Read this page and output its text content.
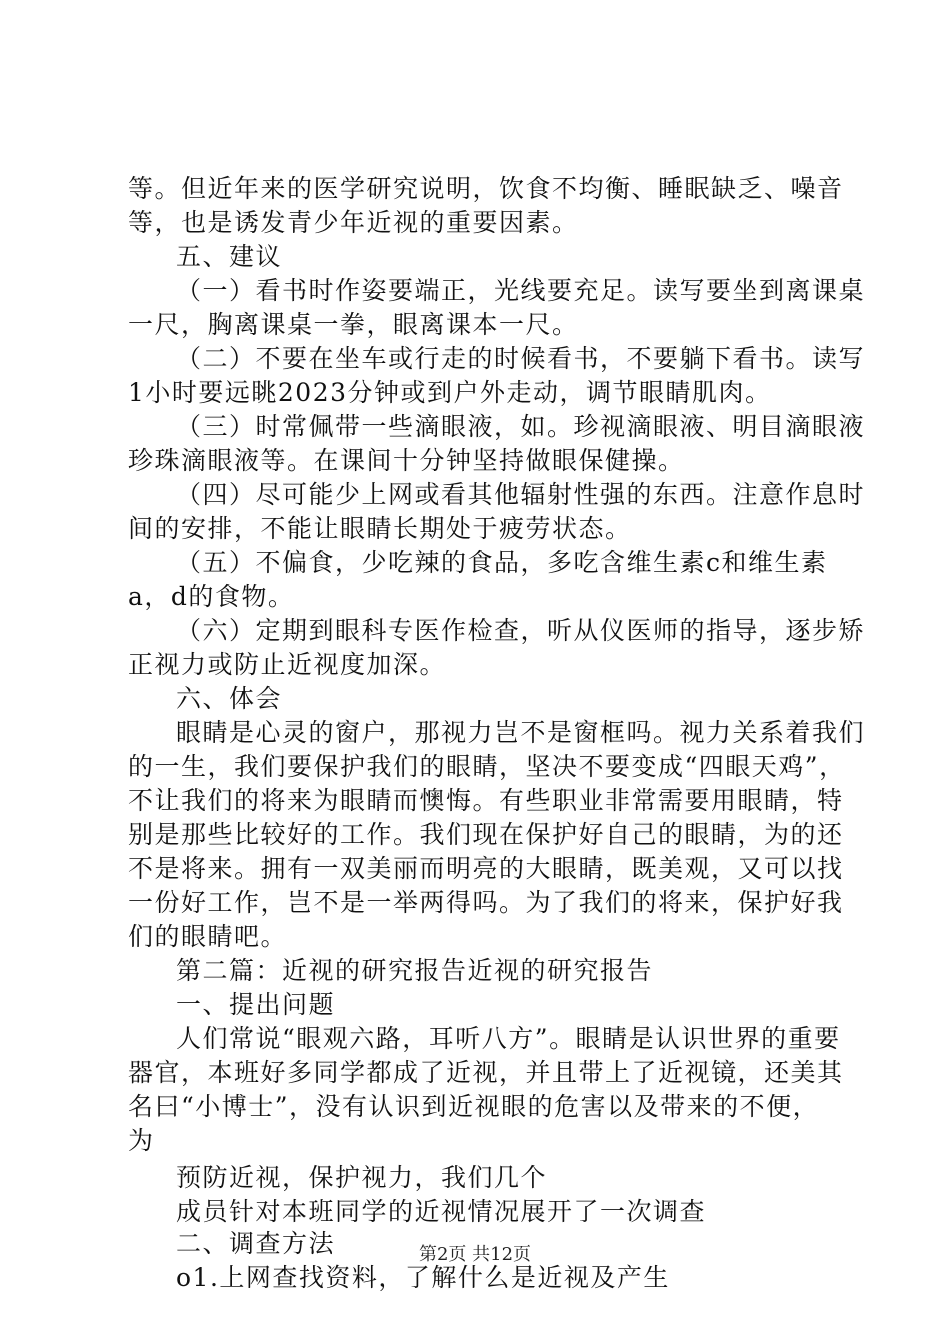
等。但近年来的医学研究说明，饮食不均衡、睡眠缺乏、噪音
等，也是诱发青少年近视的重要因素。
五、建议
（一）看书时作姿要端正，光线要充足。读写要坐到离课桌
一尺，胸离课桌一拳，眼离课本一尺。
（二）不要在坐车或行走的时候看书，不要躺下看书。读写
1小时要远眺2023分钟或到户外走动，调节眼睛肌肉。
（三）时常佩带一些滴眼液，如。珍视滴眼液、明目滴眼液
珍珠滴眼液等。在课间十分钟坚持做眼保健操。
（四）尽可能少上网或看其他辐射性强的东西。注意作息时
间的安排，不能让眼睛长期处于疲劳状态。
（五）不偏食，少吃辣的食品，多吃含维生素c和维生素
a，d的食物。
（六）定期到眼科专医作检查，听从仪医师的指导，逐步矫
正视力或防止近视度加深。
六、体会
眼睛是心灵的窗户，那视力岂不是窗框吗。视力关系着我们
的一生，我们要保护我们的眼睛，坚决不要变成“四眼天鸡”，
不让我们的将来为眼睛而懊悔。有些职业非常需要用眼睛，特
别是那些比较好的工作。我们现在保护好自己的眼睛，为的还
不是将来。拥有一双美丽而明亮的大眼睛，既美观，又可以找
一份好工作，岂不是一举两得吗。为了我们的将来，保护好我
们的眼睛吧。
第二篇：近视的研究报告近视的研究报告
一、提出问题
人们常说“眼观六路，耳听八方”。眼睛是认识世界的重要
器官，本班好多同学都成了近视，并且带上了近视镜，还美其
名曰“小博士”，没有认识到近视眼的危害以及带来的不便，
为
预防近视，保护视力，我们几个
成员针对本班同学的近视情况展开了一次调查
二、调查方法
o1.上网查找资料，了解什么是近视及产生
第2页 共12页
